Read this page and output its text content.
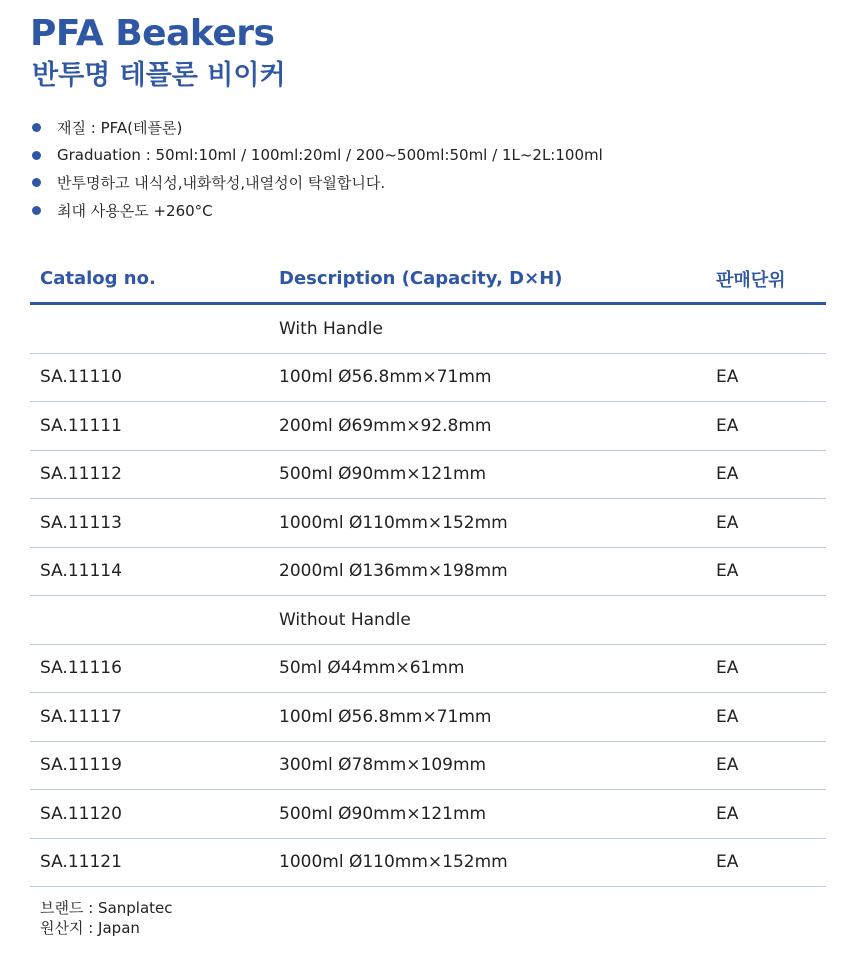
PFA Beakers
반투명 테플론 비이커
재질 : PFA(테플론)
Graduation : 50ml:10ml / 100ml:20ml / 200~500ml:50ml / 1L~2L:100ml
반투명하고 내식성,내화학성,내열성이 탁월합니다.
최대 사용온도 +260°C
Catalog no.	Description (Capacity, D×H)	판매단위
With Handle
SA.11110	100ml Ø56.8mm×71mm	EA
SA.11111	200ml Ø69mm×92.8mm	EA
SA.11112	500ml Ø90mm×121mm	EA
SA.11113	1000ml Ø110mm×152mm	EA
SA.11114	2000ml Ø136mm×198mm	EA
Without Handle
SA.11116	50ml Ø44mm×61mm	EA
SA.11117	100ml Ø56.8mm×71mm	EA
SA.11119	300ml Ø78mm×109mm	EA
SA.11120	500ml Ø90mm×121mm	EA
SA.11121	1000ml Ø110mm×152mm	EA
브랜드 : Sanplatec
원산지 : Japan
